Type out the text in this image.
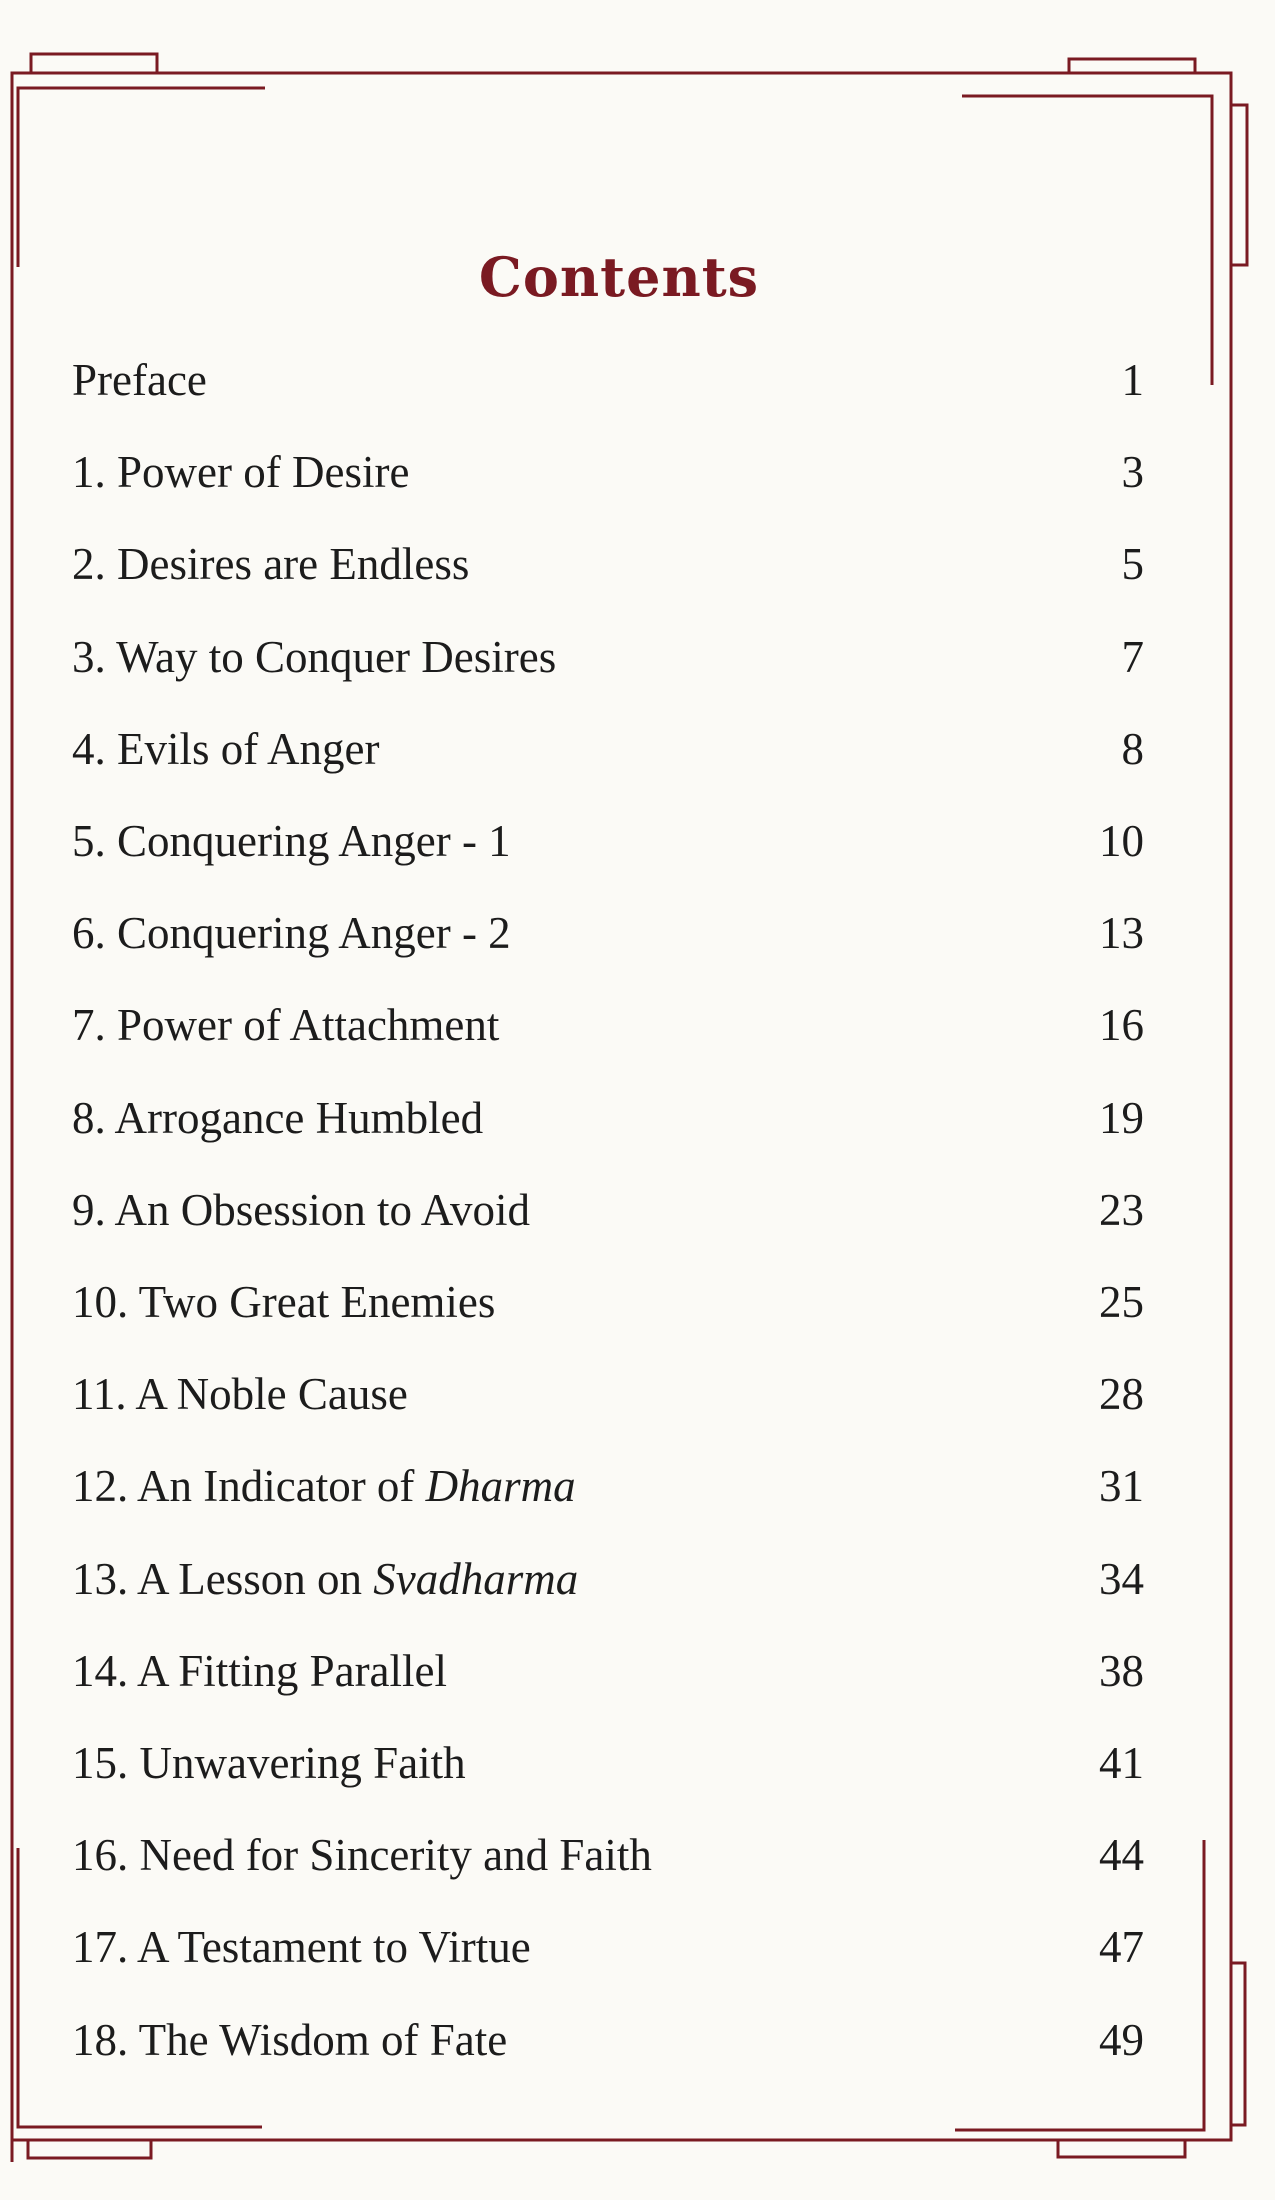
Contents
Preface	1
1. Power of Desire	3
2. Desires are Endless	5
3. Way to Conquer Desires	7
4. Evils of Anger	8
5. Conquering Anger - 1	10
6. Conquering Anger - 2	13
7. Power of Attachment	16
8. Arrogance Humbled	19
9. An Obsession to Avoid	23
10. Two Great Enemies	25
11. A Noble Cause	28
12. An Indicator of Dharma	31
13. A Lesson on Svadharma	34
14. A Fitting Parallel	38
15. Unwavering Faith	41
16. Need for Sincerity and Faith	44
17. A Testament to Virtue	47
18. The Wisdom of Fate	49
